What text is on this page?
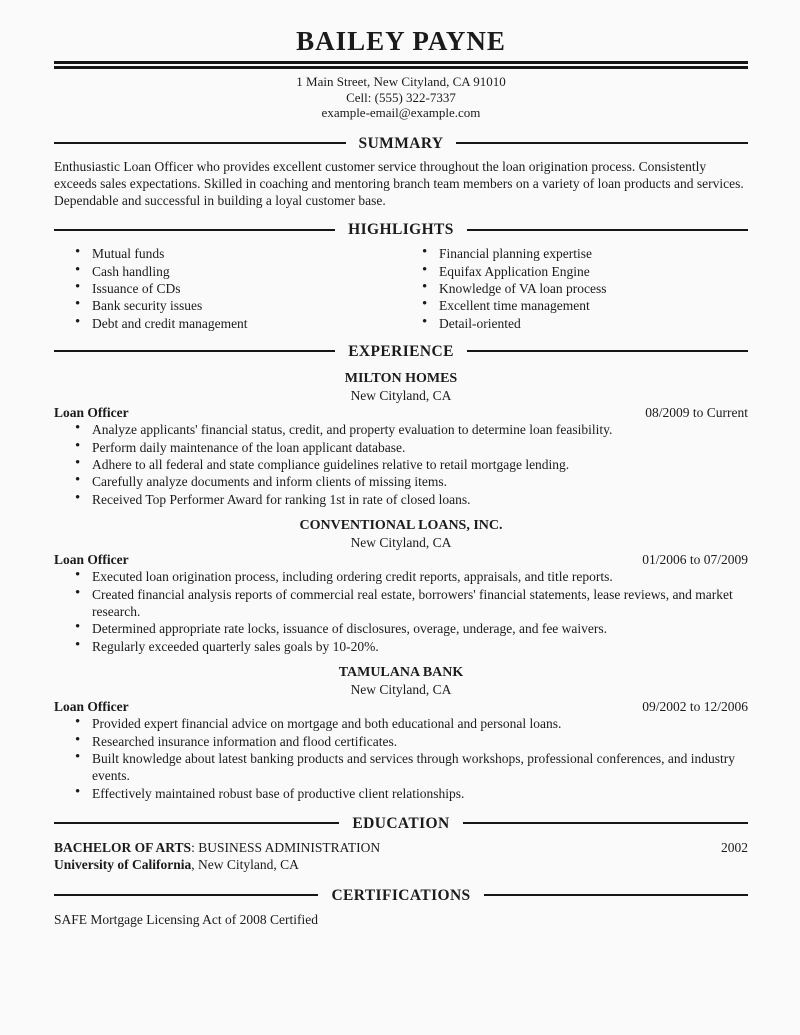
BAILEY PAYNE
1 Main Street, New Cityland, CA 91010
Cell: (555) 322-7337
example-email@example.com
SUMMARY

Enthusiastic Loan Officer who provides excellent customer service throughout the loan origination process. Consistently exceeds sales expectations. Skilled in coaching and mentoring branch team members on a variety of loan products and services. Dependable and successful in building a loyal customer base.

HIGHLIGHTS
• Mutual funds
• Cash handling
• Issuance of CDs
• Bank security issues
• Debt and credit management
• Financial planning expertise
• Equifax Application Engine
• Knowledge of VA loan process
• Excellent time management
• Detail-oriented
EXPERIENCE
MILTON HOMES
New Cityland, CA
Loan Officer	08/2009 to Current
• Analyze applicants' financial status, credit, and property evaluation to determine loan feasibility.
• Perform daily maintenance of the loan applicant database.
• Adhere to all federal and state compliance guidelines relative to retail mortgage lending.
• Carefully analyze documents and inform clients of missing items.
• Received Top Performer Award for ranking 1st in rate of closed loans.
CONVENTIONAL LOANS, INC.
New Cityland, CA
Loan Officer	01/2006 to 07/2009
• Executed loan origination process, including ordering credit reports, appraisals, and title reports.
• Created financial analysis reports of commercial real estate, borrowers' financial statements, lease reviews, and market research.
• Determined appropriate rate locks, issuance of disclosures, overage, underage, and fee waivers.
• Regularly exceeded quarterly sales goals by 10-20%.
TAMULANA BANK
New Cityland, CA
Loan Officer	09/2002 to 12/2006
• Provided expert financial advice on mortgage and both educational and personal loans.
• Researched insurance information and flood certificates.
• Built knowledge about latest banking products and services through workshops, professional conferences, and industry events.
• Effectively maintained robust base of productive client relationships.
EDUCATION
BACHELOR OF ARTS: BUSINESS ADMINISTRATION	2002
University of California, New Cityland, CA
CERTIFICATIONS
SAFE Mortgage Licensing Act of 2008 Certified
